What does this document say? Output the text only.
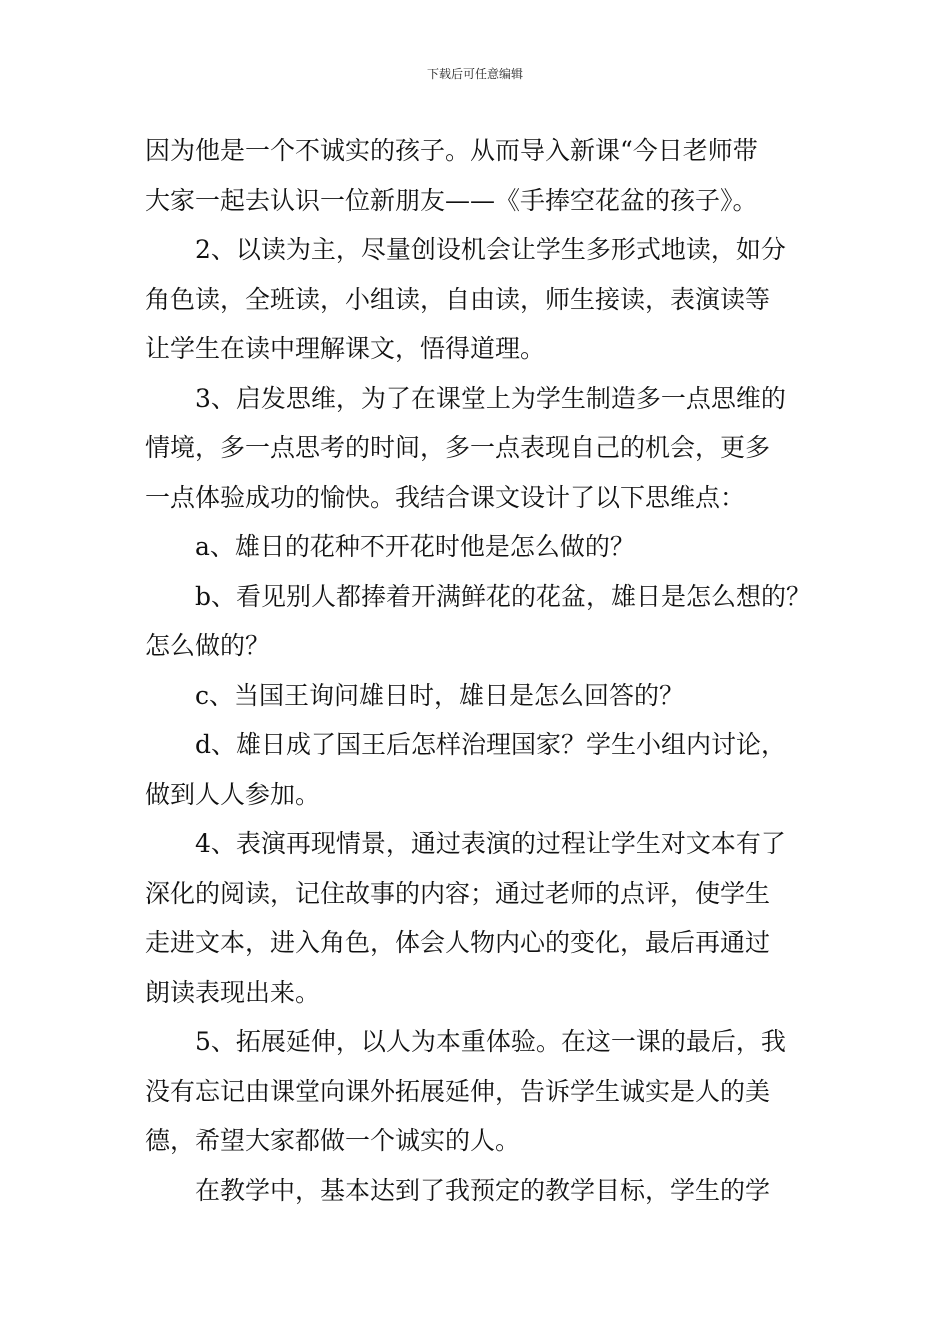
下载后可任意编辑
因为他是一个不诚实的孩子。从而导入新课“今日老师带
大家一起去认识一位新朋友——《手捧空花盆的孩子》。
2、以读为主，尽量创设机会让学生多形式地读，如分
角色读，全班读，小组读，自由读，师生接读，表演读等
让学生在读中理解课文，悟得道理。
3、启发思维，为了在课堂上为学生制造多一点思维的
情境，多一点思考的时间，多一点表现自己的机会，更多
一点体验成功的愉快。我结合课文设计了以下思维点：
a、雄日的花种不开花时他是怎么做的？
b、看见别人都捧着开满鲜花的花盆，雄日是怎么想的？
怎么做的？
c、当国王询问雄日时，雄日是怎么回答的？
d、雄日成了国王后怎样治理国家？学生小组内讨论，
做到人人参加。
4、表演再现情景，通过表演的过程让学生对文本有了
深化的阅读，记住故事的内容；通过老师的点评，使学生
走进文本，进入角色，体会人物内心的变化，最后再通过
朗读表现出来。
5、拓展延伸，以人为本重体验。在这一课的最后，我
没有忘记由课堂向课外拓展延伸，告诉学生诚实是人的美
德，希望大家都做一个诚实的人。
在教学中，基本达到了我预定的教学目标，学生的学
